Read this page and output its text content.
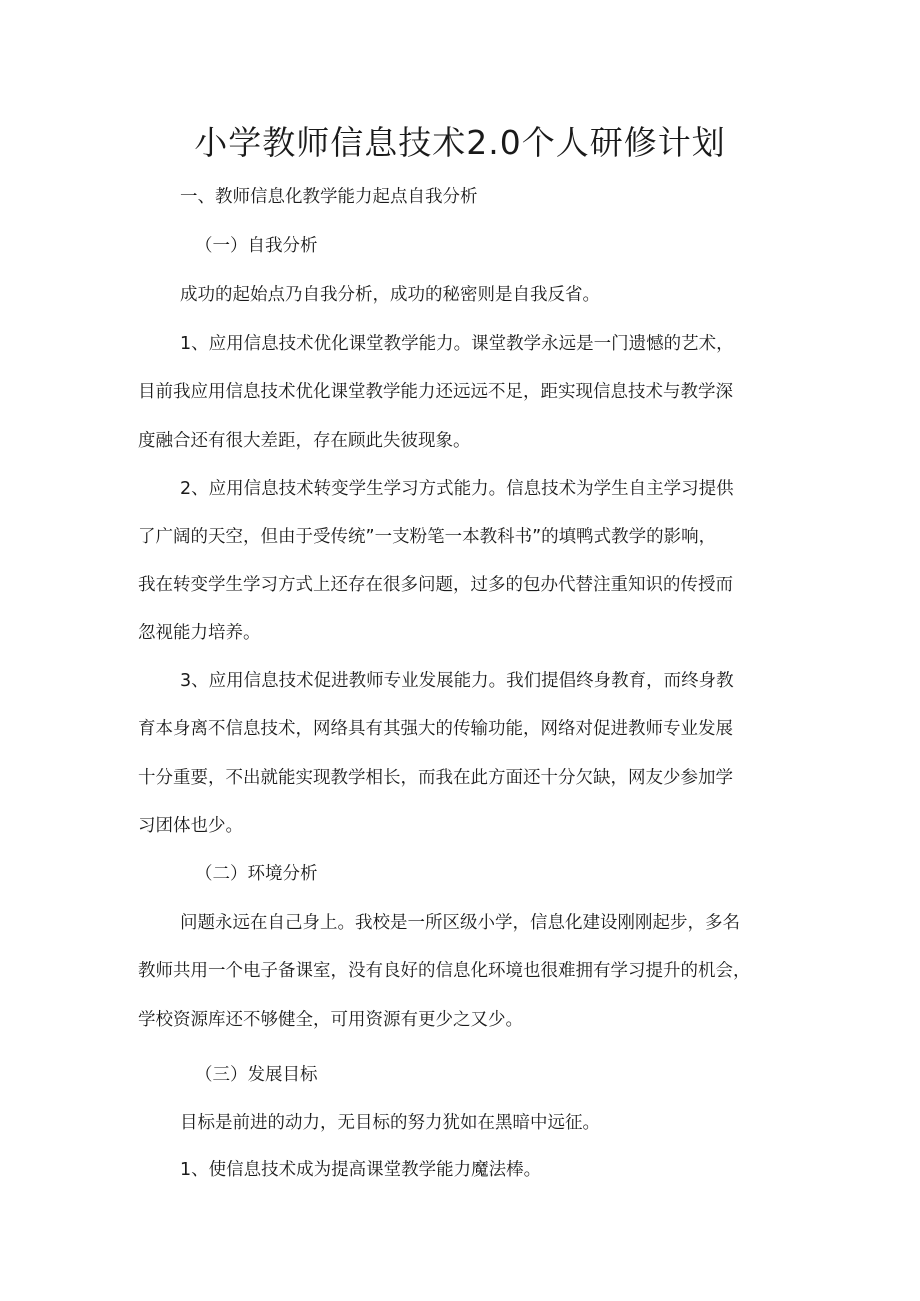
小学教师信息技术2.0个人研修计划
一、教师信息化教学能力起点自我分析
（一）自我分析
成功的起始点乃自我分析，成功的秘密则是自我反省。
1、应用信息技术优化课堂教学能力。课堂教学永远是一门遗憾的艺术，
目前我应用信息技术优化课堂教学能力还远远不足，距实现信息技术与教学深
度融合还有很大差距，存在顾此失彼现象。
2、应用信息技术转变学生学习方式能力。信息技术为学生自主学习提供
了广阔的天空，但由于受传统”一支粉笔一本教科书”的填鸭式教学的影响，
我在转变学生学习方式上还存在很多问题，过多的包办代替注重知识的传授而
忽视能力培养。
3、应用信息技术促进教师专业发展能力。我们提倡终身教育，而终身教
育本身离不信息技术，网络具有其强大的传输功能，网络对促进教师专业发展
十分重要，不出就能实现教学相长，而我在此方面还十分欠缺，网友少参加学
习团体也少。
（二）环境分析
问题永远在自己身上。我校是一所区级小学，信息化建设刚刚起步，多名
教师共用一个电子备课室，没有良好的信息化环境也很难拥有学习提升的机会，
学校资源库还不够健全，可用资源有更少之又少。
（三）发展目标
目标是前进的动力，无目标的努力犹如在黑暗中远征。
1、使信息技术成为提高课堂教学能力魔法棒。
